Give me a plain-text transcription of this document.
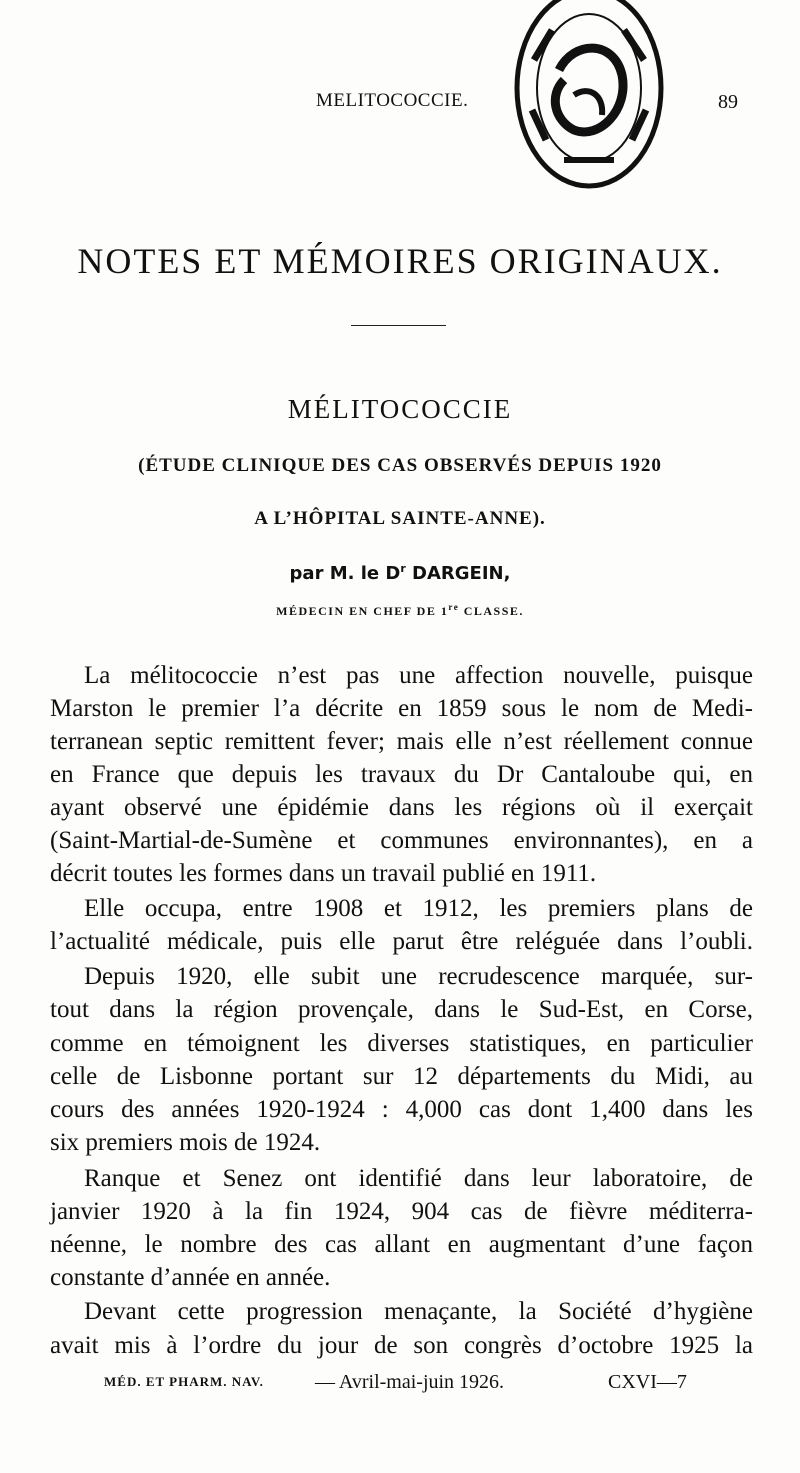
MELITOCOCCIE.	89
NOTES ET MÉMOIRES ORIGINAUX.
MÉLITOCOCCIE
(ÉTUDE CLINIQUE DES CAS OBSERVÉS DEPUIS 1920
A L’HÔPITAL SAINTE-ANNE).
par M. le $D^r$ DARGEIN,
MÉDECIN EN CHEF DE 1re CLASSE.
La mélitococcie n’est pas une affection nouvelle, puisque
Marston le premier l’a décrite en 1859 sous le nom de Medi-
terranean septic remittent fever; mais elle n’est réellement connue
en France que depuis les travaux du Dr Cantaloube qui, en
ayant observé une épidémie dans les régions où il exerçait
(Saint-Martial-de-Sumène et communes environnantes), en a
décrit toutes les formes dans un travail publié en 1911.
Elle occupa, entre 1908 et 1912, les premiers plans de
l’actualité médicale, puis elle parut être reléguée dans l’oubli.
Depuis 1920, elle subit une recrudescence marquée, sur-
tout dans la région provençale, dans le Sud-Est, en Corse,
comme en témoignent les diverses statistiques, en particulier
celle de Lisbonne portant sur 12 départements du Midi, au
cours des années 1920-1924 : 4,000 cas dont 1,400 dans les
six premiers mois de 1924.
Ranque et Senez ont identifié dans leur laboratoire, de
janvier 1920 à la fin 1924, 904 cas de fièvre méditerra-
néenne, le nombre des cas allant en augmentant d’une façon
constante d’année en année.
Devant cette progression menaçante, la Société d’hygiène
avait mis à l’ordre du jour de son congrès d’octobre 1925 la
MÉD. ET PHARM. NAV.	— Avril-mai-juin 1926.	CXVI—7
